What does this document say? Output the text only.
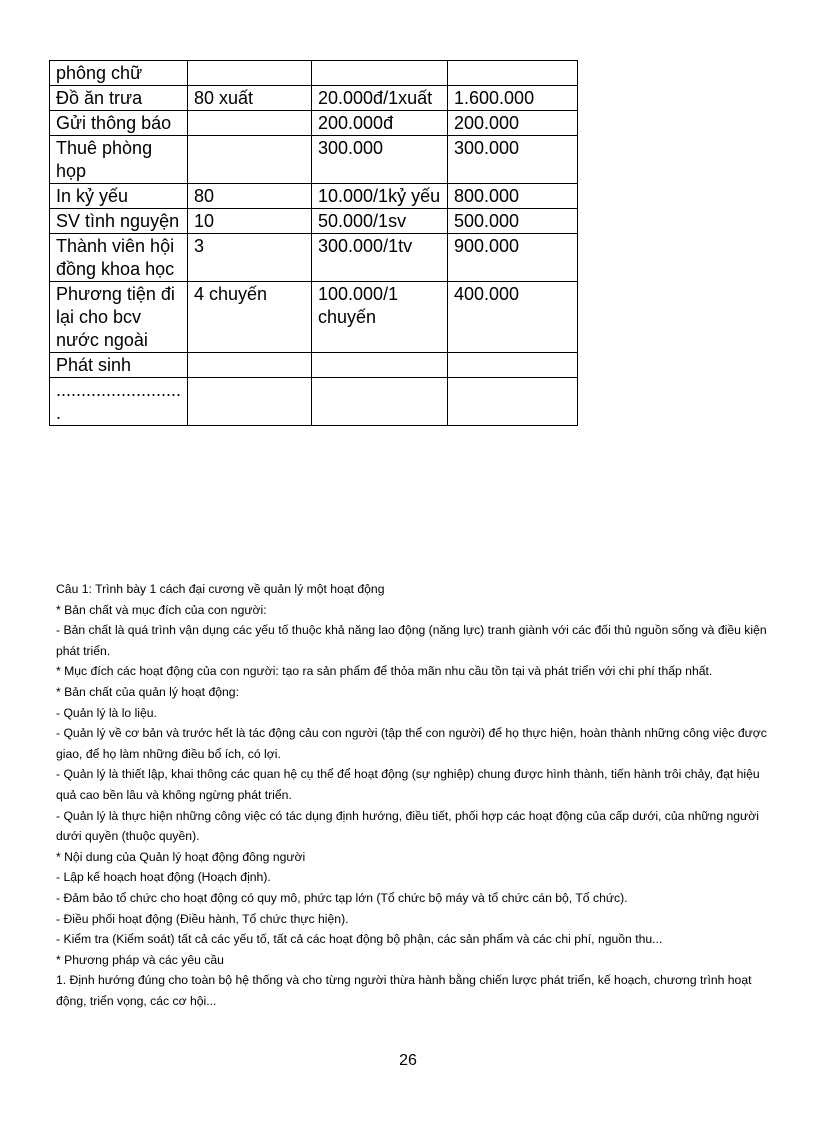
phông chữ			
Đồ ăn trưa	80 xuất	20.000đ/1xuất	1.600.000
Gửi thông báo		200.000đ	200.000
Thuê phòng họp		300.000	300.000
In kỷ yếu	80	10.000/1kỷ yếu	800.000
SV tình nguyện	10	50.000/1sv	500.000
Thành viên hội đồng khoa học	3	300.000/1tv	900.000
Phương tiện đi lại cho bcv nước ngoài	4 chuyến	100.000/1 chuyến	400.000
Phát sinh			
..........................			

Câu 1: Trình bày 1 cách đại cương về quản lý một hoạt động

* Bản chất và mục đích của con người:

- Bản chất là quá trình vận dụng các yếu tố thuộc khả năng lao động (năng lực) tranh giành với các đối thủ nguồn sống và điều kiện phát triển.

* Mục đích các hoạt động của con người: tạo ra sản phẩm để thỏa mãn nhu cầu tồn tại và phát triển với chi phí thấp nhất.

* Bản chất của quản lý hoạt động:

- Quản lý là lo liệu.

- Quản lý về cơ bản và trước hết là tác động cảu con người (tập thể con người) để họ thực hiện, hoàn thành những công việc được giao, để họ làm những điều bổ ích, có lợi.

- Quản lý là thiết lập, khai thông các quan hệ cụ thể để hoạt động (sự nghiệp) chung được hình thành, tiến hành trôi chảy, đạt hiệu quả cao bền lâu và không ngừng phát triển.

- Quản lý là thực hiện những công việc có tác dụng định hướng, điều tiết, phối hợp các hoạt động của cấp dưới, của những người dưới quyền (thuộc quyền).

* Nội dung của Quản lý hoạt động đông người

- Lập kế hoạch hoạt động (Hoạch định).

- Đảm bảo tổ chức cho hoạt động có quy mô, phức tạp lớn (Tổ chức bộ máy và tổ chức cán bộ, Tổ chức).

- Điều phối hoạt động (Điều hành, Tổ chức thực hiện).

- Kiểm tra (Kiểm soát) tất cả các yếu tố, tất cả các hoạt động bộ phận, các sản phẩm và các chi phí, nguồn thu...

* Phương pháp và các yêu cầu

1. Định hướng đúng cho toàn bộ hệ thống và cho từng người thừa hành bằng chiến lược phát triển, kế hoạch, chương trình hoạt động, triển vọng, các cơ hội...

26
